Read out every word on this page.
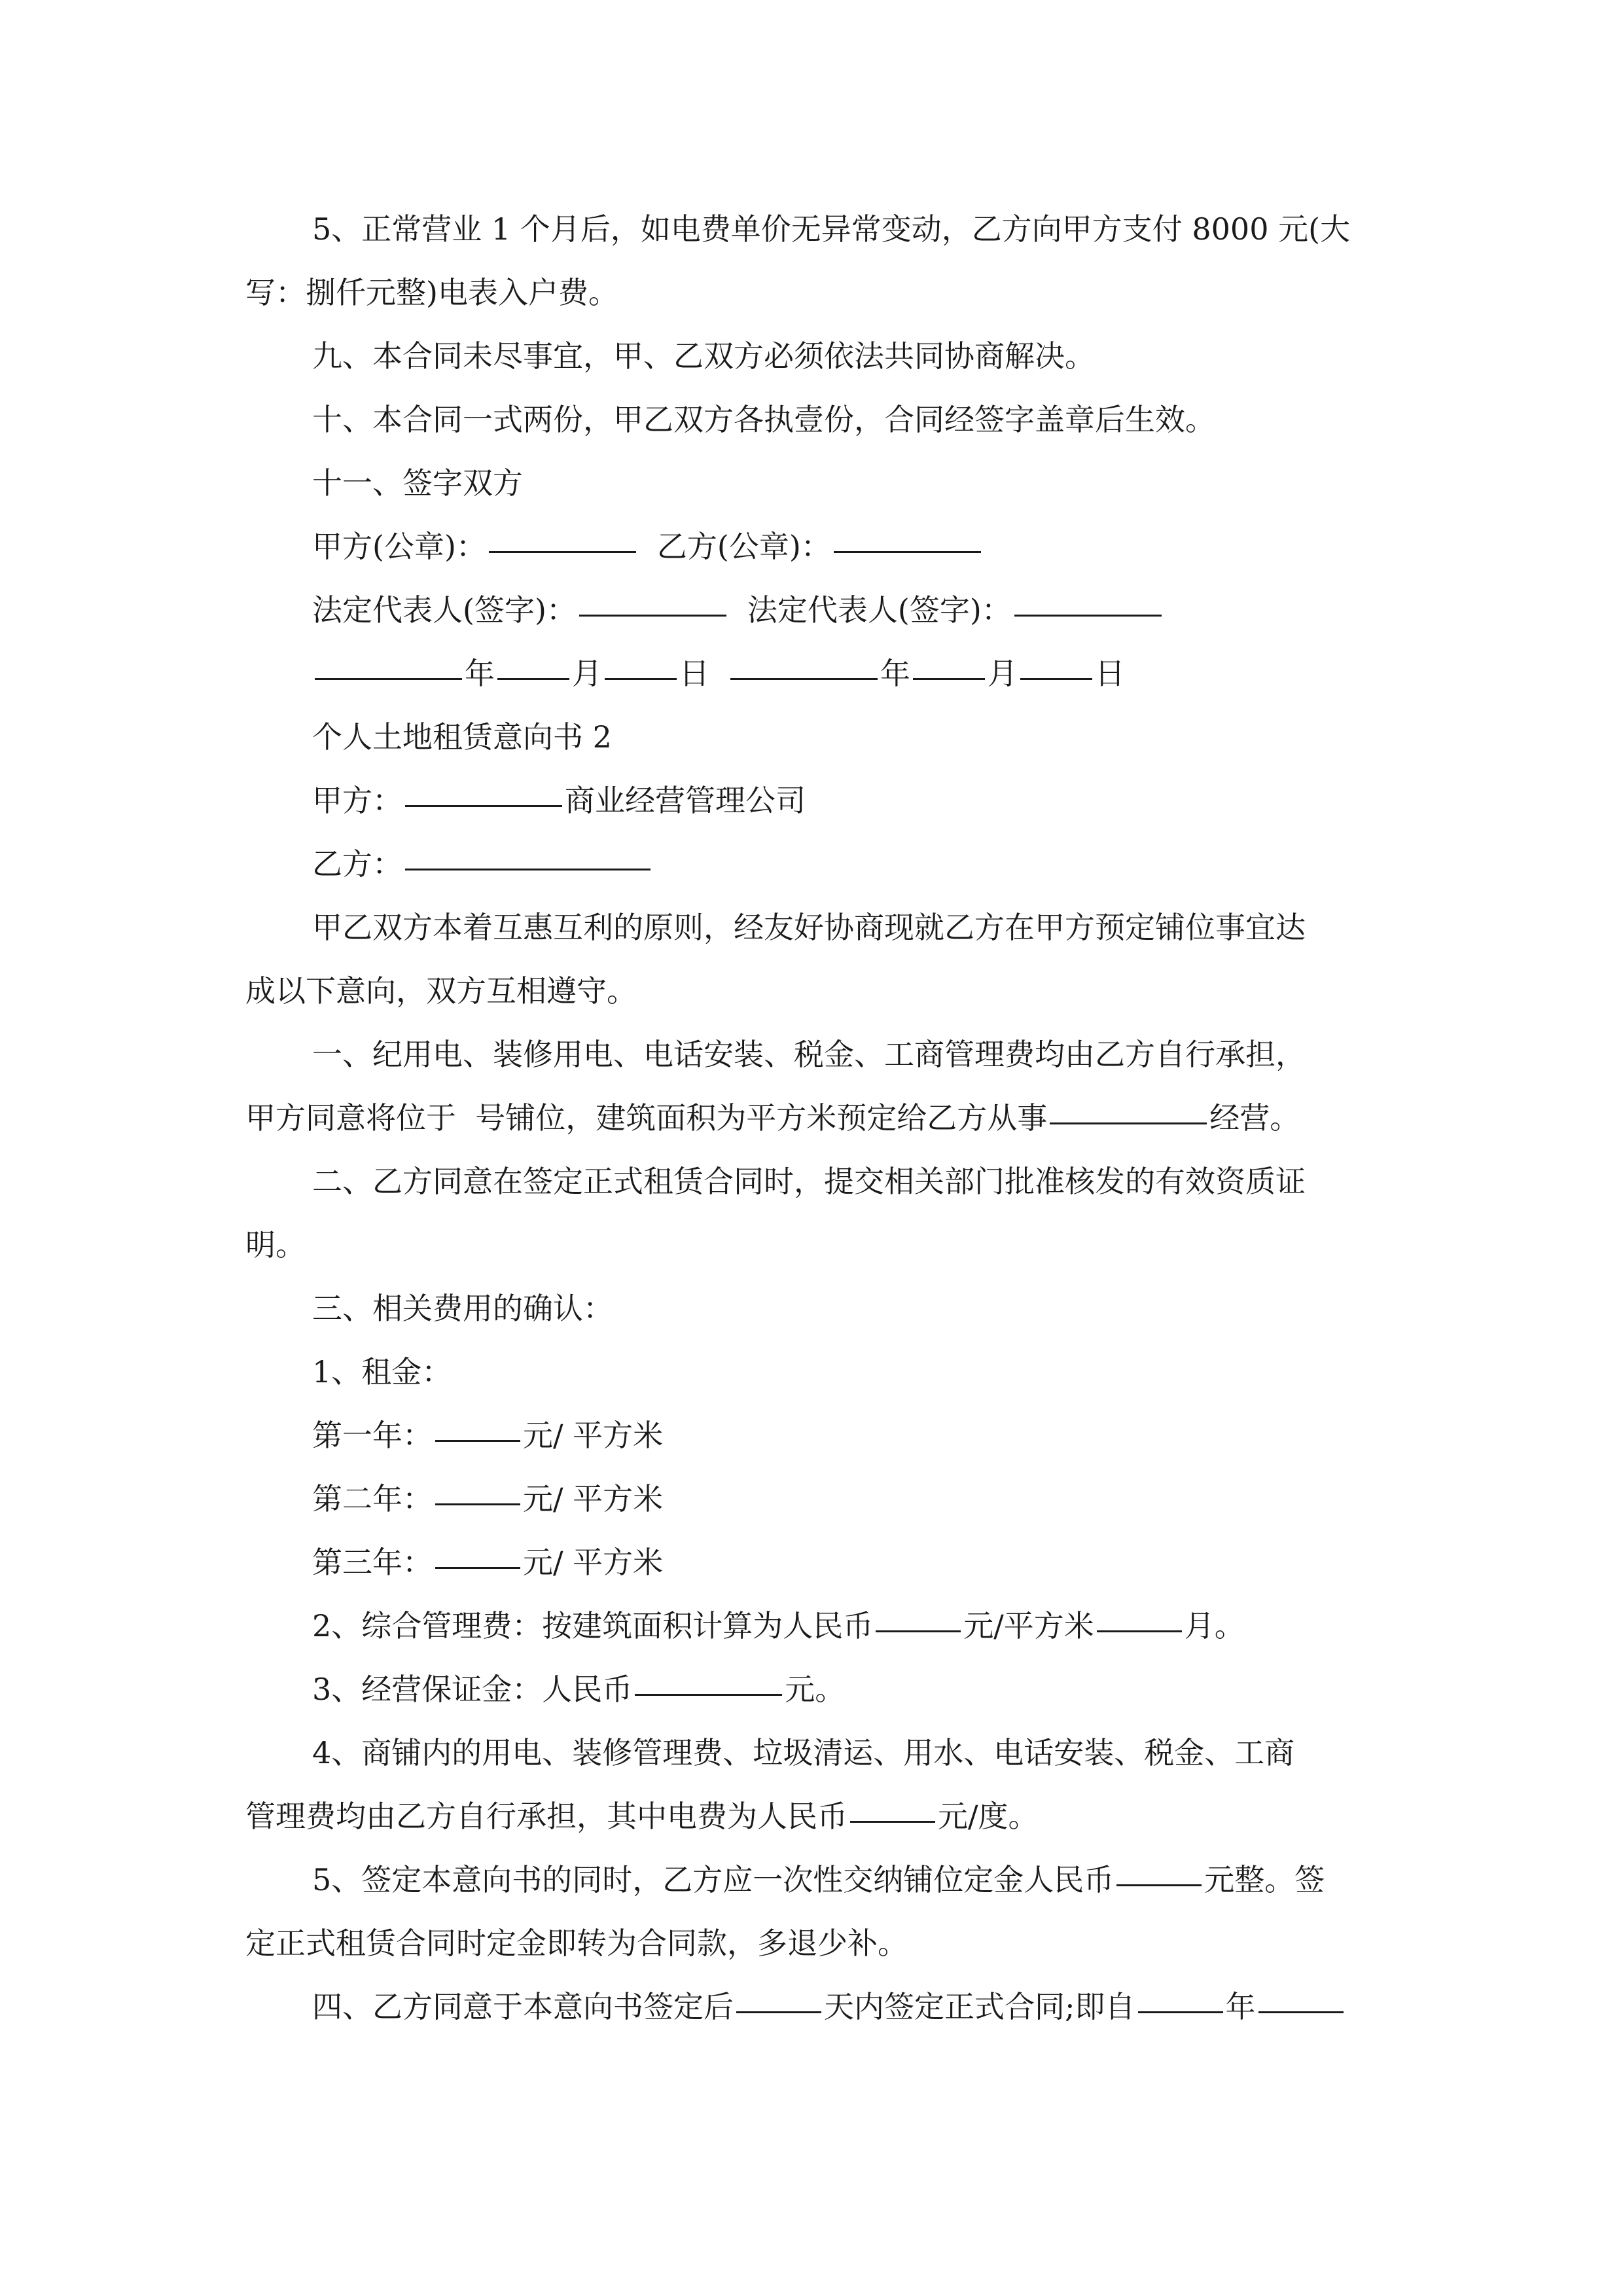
5、正常营业 1 个月后，如电费单价无异常变动，乙方向甲方支付 8000 元(大
写：捌仟元整)电表入户费。

九、本合同未尽事宜，甲、乙双方必须依法共同协商解决。

十、本合同一式两份，甲乙双方各执壹份，合同经签字盖章后生效。

十一、签字双方

甲方(公章)：	乙方(公章)：

法定代表人(签字)：	法定代表人(签字)：

年	月	日	年	月	日

个人土地租赁意向书 2

甲方：	商业经营管理公司

乙方：

甲乙双方本着互惠互利的原则，经友好协商现就乙方在甲方预定铺位事宜达
成以下意向，双方互相遵守。

一、纪用电、装修用电、电话安装、税金、工商管理费均由乙方自行承担，
甲方同意将位于  号铺位，建筑面积为平方米预定给乙方从事	经营。

二、乙方同意在签定正式租赁合同时，提交相关部门批准核发的有效资质证
明。

三、相关费用的确认：

1、租金：

第一年：	元/ 平方米

第二年：	元/ 平方米

第三年：	元/ 平方米

2、综合管理费：按建筑面积计算为人民币	元/平方米	月。

3、经营保证金：人民币	元。

4、商铺内的用电、装修管理费、垃圾清运、用水、电话安装、税金、工商
管理费均由乙方自行承担，其中电费为人民币	元/度。

5、签定本意向书的同时，乙方应一次性交纳铺位定金人民币	元整。签
定正式租赁合同时定金即转为合同款，多退少补。

四、乙方同意于本意向书签定后	天内签定正式合同;即自	年
